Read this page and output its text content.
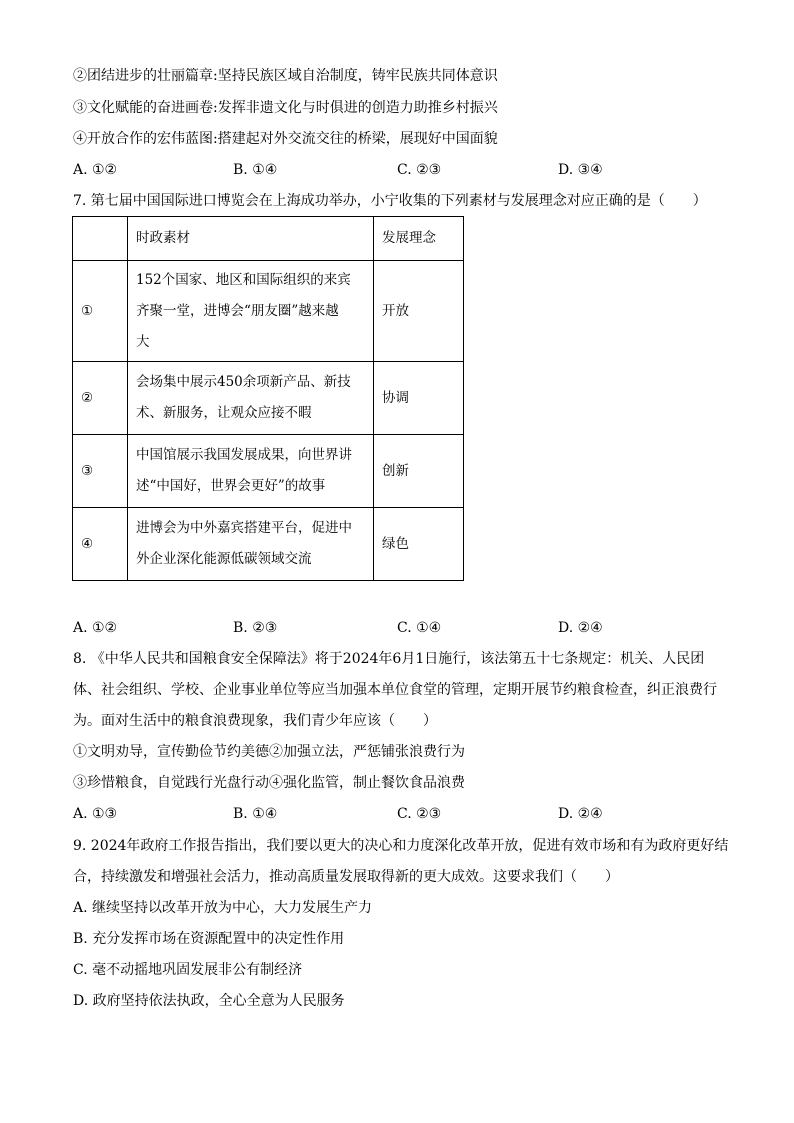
②团结进步的壮丽篇章:坚持民族区域自治制度，铸牢民族共同体意识
③文化赋能的奋进画卷:发挥非遗文化与时俱进的创造力助推乡村振兴
④开放合作的宏伟蓝图:搭建起对外交流交往的桥梁，展现好中国面貌
A. ①②	B. ①④	C. ②③	D. ③④
7. 第七届中国国际进口博览会在上海成功举办，小宁收集的下列素材与发展理念对应正确的是（　　）
	时政素材	发展理念
①	152个国家、地区和国际组织的来宾
齐聚一堂，进博会“朋友圈”越来越
大	开放
②	会场集中展示450余项新产品、新技
术、新服务，让观众应接不暇	协调
③	中国馆展示我国发展成果，向世界讲
述“中国好，世界会更好”的故事	创新
④	进博会为中外嘉宾搭建平台，促进中
外企业深化能源低碳领域交流	绿色
A. ①②	B. ②③	C. ①④	D. ②④
8. 《中华人民共和国粮食安全保障法》将于2024年6月1日施行，该法第五十七条规定：机关、人民团
体、社会组织、学校、企业事业单位等应当加强本单位食堂的管理，定期开展节约粮食检查，纠正浪费行
为。面对生活中的粮食浪费现象，我们青少年应该（　　）
①文明劝导，宣传勤俭节约美德②加强立法，严惩铺张浪费行为
③珍惜粮食，自觉践行光盘行动④强化监管，制止餐饮食品浪费
A. ①③	B. ①④	C. ②③	D. ②④
9. 2024年政府工作报告指出，我们要以更大的决心和力度深化改革开放，促进有效市场和有为政府更好结
合，持续激发和增强社会活力，推动高质量发展取得新的更大成效。这要求我们（　　）
A. 继续坚持以改革开放为中心，大力发展生产力
B. 充分发挥市场在资源配置中的决定性作用
C. 毫不动摇地巩固发展非公有制经济
D. 政府坚持依法执政，全心全意为人民服务
